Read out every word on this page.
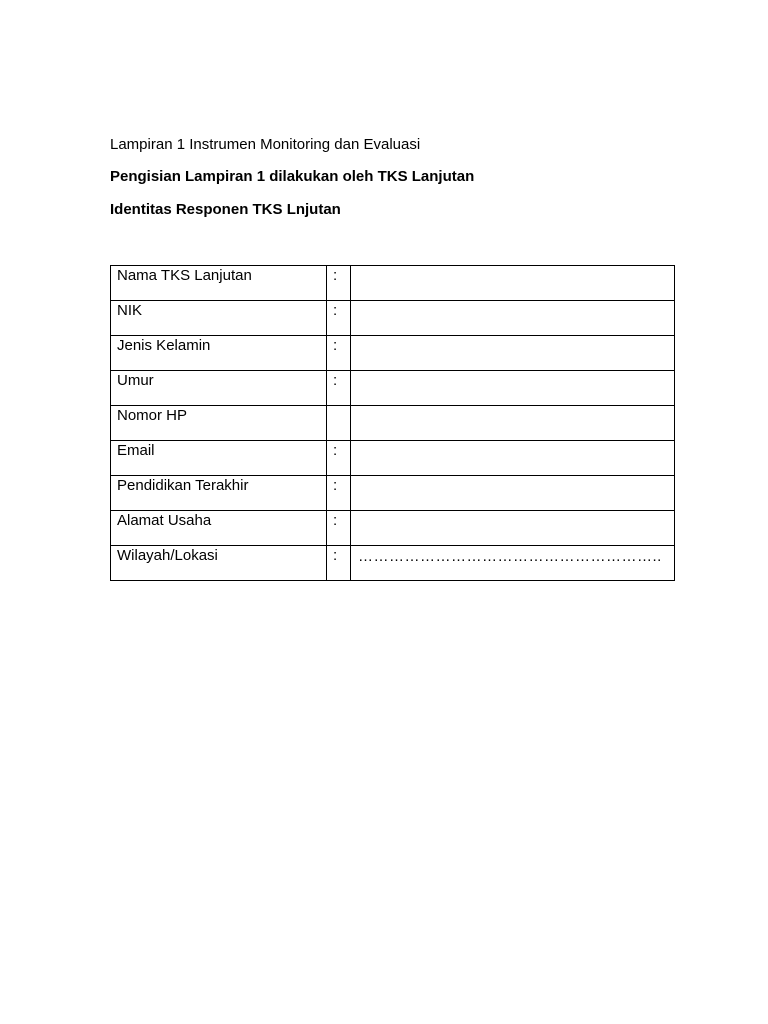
Lampiran 1 Instrumen Monitoring dan Evaluasi
Pengisian Lampiran 1 dilakukan oleh TKS Lanjutan
Identitas Responen TKS Lnjutan
Nama TKS Lanjutan	:	
NIK	:	
Jenis Kelamin	:	
Umur	:	
Nomor HP		
Email	:	
Pendidikan Terakhir	:	
Alamat Usaha	:	
Wilayah/Lokasi	:	…………………………………………………..
